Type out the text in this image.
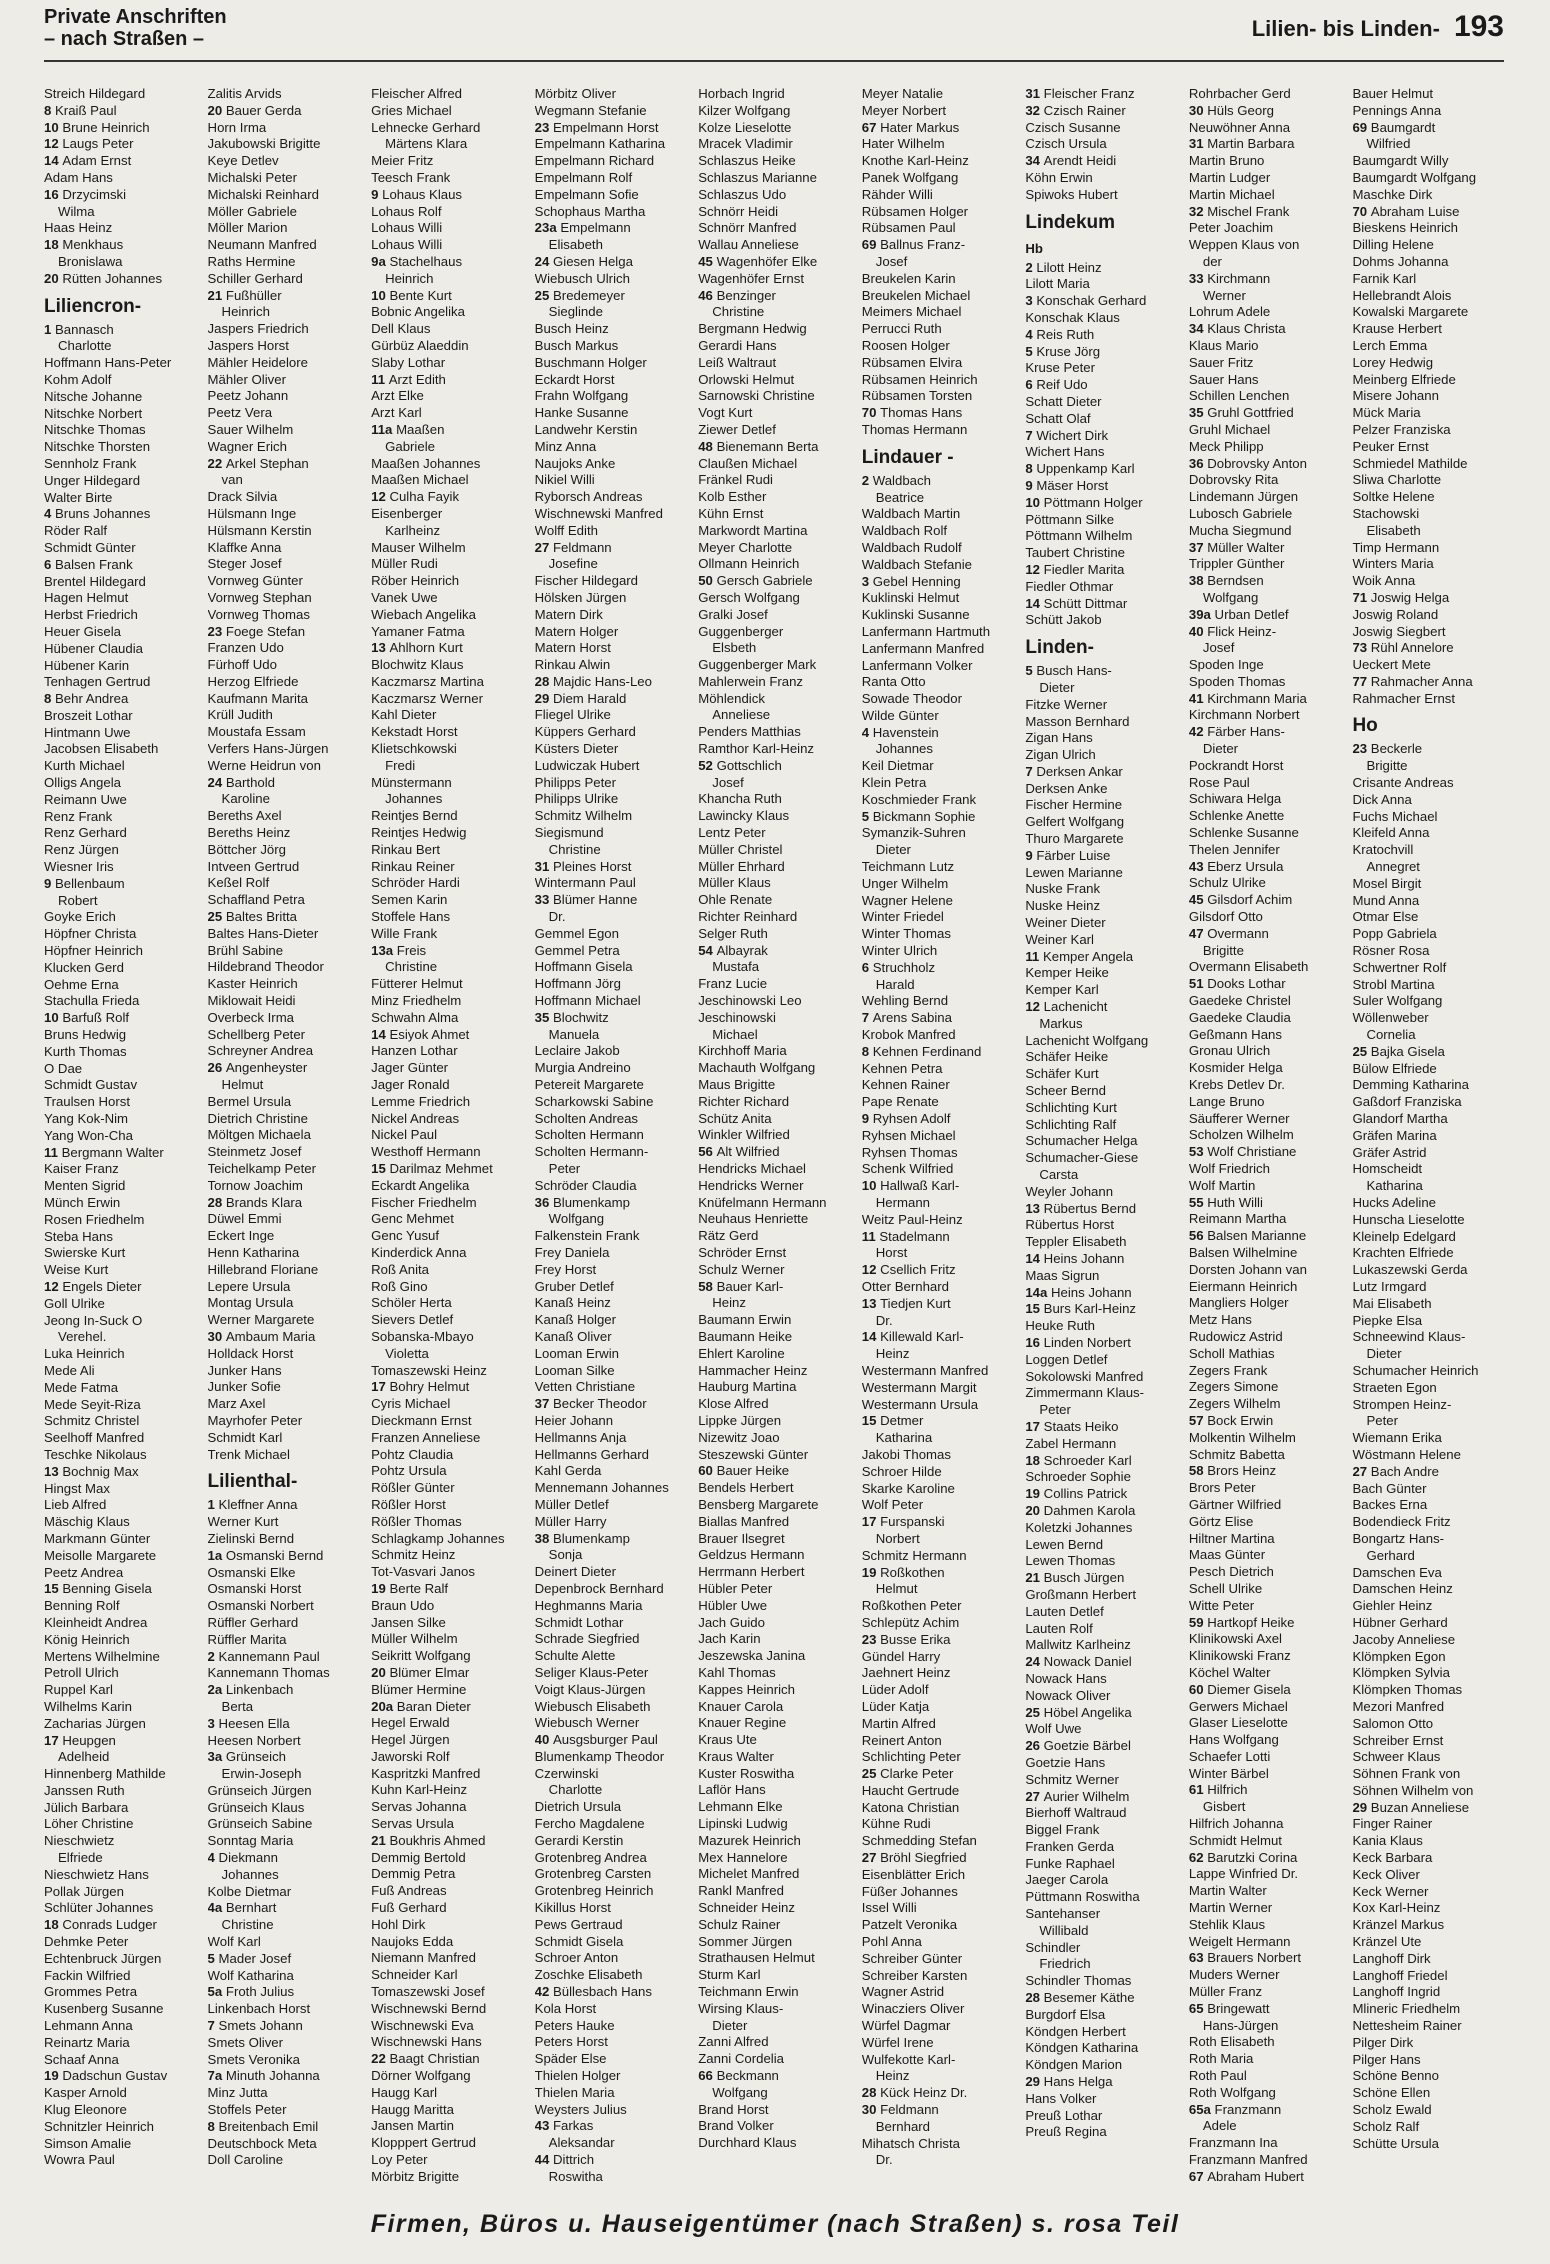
Private Anschriften
– nach Straßen –	Lilien- bis Linden- 193
Streich Hildegard
8 Kraiß Paul
10 Brune Heinrich
12 Laugs Peter
14 Adam Ernst
Adam Hans
16 Drzycimski
Wilma
Haas Heinz
18 Menkhaus
Bronislawa
20 Rütten Johannes
Liliencron-
1 Bannasch
Charlotte
Hoffmann Hans-Peter
Kohm Adolf
Nitsche Johanne
Nitschke Norbert
Nitschke Thomas
Nitschke Thorsten
Sennholz Frank
Unger Hildegard
Walter Birte
4 Bruns Johannes
Röder Ralf
Schmidt Günter
6 Balsen Frank
Brentel Hildegard
Hagen Helmut
Herbst Friedrich
Heuer Gisela
Hübener Claudia
Hübener Karin
Tenhagen Gertrud
8 Behr Andrea
Broszeit Lothar
Hintmann Uwe
Jacobsen Elisabeth
Kurth Michael
Olligs Angela
Reimann Uwe
Renz Frank
Renz Gerhard
Renz Jürgen
Wiesner Iris
9 Bellenbaum
Robert
Goyke Erich
Höpfner Christa
Höpfner Heinrich
Klucken Gerd
Oehme Erna
Stachulla Frieda
10 Barfuß Rolf
Bruns Hedwig
Kurth Thomas
O Dae
Schmidt Gustav
Traulsen Horst
Yang Kok-Nim
Yang Won-Cha
11 Bergmann Walter
Kaiser Franz
Menten Sigrid
Münch Erwin
Rosen Friedhelm
Steba Hans
Swierske Kurt
Weise Kurt
12 Engels Dieter
Goll Ulrike
Jeong In-Suck O
Verehel.
Luka Heinrich
Mede Ali
Mede Fatma
Mede Seyit-Riza
Schmitz Christel
Seelhoff Manfred
Teschke Nikolaus
13 Bochnig Max
Hingst Max
Lieb Alfred
Mäschig Klaus
Markmann Günter
Meisolle Margarete
Peetz Andrea
15 Benning Gisela
Benning Rolf
Kleinheidt Andrea
König Heinrich
Mertens Wilhelmine
Petroll Ulrich
Ruppel Karl
Wilhelms Karin
Zacharias Jürgen
17 Heupgen
Adelheid
Hinnenberg Mathilde
Janssen Ruth
Jülich Barbara
Löher Christine
Nieschwietz
Elfriede
Nieschwietz Hans
Pollak Jürgen
Schlüter Johannes
18 Conrads Ludger
Dehmke Peter
Echtenbruck Jürgen
Fackin Wilfried
Grommes Petra
Kusenberg Susanne
Lehmann Anna
Reinartz Maria
Schaaf Anna
19 Dadschun Gustav
Kasper Arnold
Klug Eleonore
Schnitzler Heinrich
Simson Amalie
Wowra Paul
Zalitis Arvids
20 Bauer Gerda
Horn Irma
Jakubowski Brigitte
Keye Detlev
Michalski Peter
Michalski Reinhard
Möller Gabriele
Möller Marion
Neumann Manfred
Raths Hermine
Schiller Gerhard
21 Fußhüller
Heinrich
Jaspers Friedrich
Jaspers Horst
Mähler Heidelore
Mähler Oliver
Peetz Johann
Peetz Vera
Sauer Wilhelm
Wagner Erich
22 Arkel Stephan
van
Drack Silvia
Hülsmann Inge
Hülsmann Kerstin
Klaffke Anna
Steger Josef
Vornweg Günter
Vornweg Stephan
Vornweg Thomas
23 Foege Stefan
Franzen Udo
Fürhoff Udo
Herzog Elfriede
Kaufmann Marita
Krüll Judith
Moustafa Essam
Verfers Hans-Jürgen
Werne Heidrun von
24 Barthold
Karoline
Bereths Axel
Bereths Heinz
Böttcher Jörg
Intveen Gertrud
Keßel Rolf
Schaffland Petra
25 Baltes Britta
Baltes Hans-Dieter
Brühl Sabine
Hildebrand Theodor
Kaster Heinrich
Miklowait Heidi
Overbeck Irma
Schellberg Peter
Schreyner Andrea
26 Angenheyster
Helmut
Bermel Ursula
Dietrich Christine
Möltgen Michaela
Steinmetz Josef
Teichelkamp Peter
Tornow Joachim
28 Brands Klara
Düwel Emmi
Eckert Inge
Henn Katharina
Hillebrand Floriane
Lepere Ursula
Montag Ursula
Werner Margarete
30 Ambaum Maria
Holldack Horst
Junker Hans
Junker Sofie
Marz Axel
Mayrhofer Peter
Schmidt Karl
Trenk Michael
Lilienthal-
1 Kleffner Anna
Werner Kurt
Zielinski Bernd
1a Osmanski Bernd
Osmanski Elke
Osmanski Horst
Osmanski Norbert
Rüffler Gerhard
Rüffler Marita
2 Kannemann Paul
Kannemann Thomas
2a Linkenbach
Berta
3 Heesen Ella
Heesen Norbert
3a Grünseich
Erwin-Joseph
Grünseich Jürgen
Grünseich Klaus
Grünseich Sabine
Sonntag Maria
4 Diekmann
Johannes
Kolbe Dietmar
4a Bernhart
Christine
Wolf Karl
5 Mader Josef
Wolf Katharina
5a Froth Julius
Linkenbach Horst
7 Smets Johann
Smets Oliver
Smets Veronika
7a Minuth Johanna
Minz Jutta
Stoffels Peter
8 Breitenbach Emil
Deutschbock Meta
Doll Caroline
Fleischer Alfred
Gries Michael
Lehnecke Gerhard
Märtens Klara
Meier Fritz
Teesch Frank
9 Lohaus Klaus
Lohaus Rolf
Lohaus Willi
Lohaus Willi
9a Stachelhaus
Heinrich
10 Bente Kurt
Bobnic Angelika
Dell Klaus
Gürbüz Alaeddin
Slaby Lothar
11 Arzt Edith
Arzt Elke
Arzt Karl
11a Maaßen
Gabriele
Maaßen Johannes
Maaßen Michael
12 Culha Fayik
Eisenberger
Karlheinz
Mauser Wilhelm
Müller Rudi
Röber Heinrich
Vanek Uwe
Wiebach Angelika
Yamaner Fatma
13 Ahlhorn Kurt
Blochwitz Klaus
Kaczmarsz Martina
Kaczmarsz Werner
Kahl Dieter
Kekstadt Horst
Klietschkowski
Fredi
Münstermann
Johannes
Reintjes Bernd
Reintjes Hedwig
Rinkau Bert
Rinkau Reiner
Schröder Hardi
Semen Karin
Stoffele Hans
Wille Frank
13a Freis
Christine
Fütterer Helmut
Minz Friedhelm
Schwahn Alma
14 Esiyok Ahmet
Hanzen Lothar
Jager Günter
Jager Ronald
Lemme Friedrich
Nickel Andreas
Nickel Paul
Westhoff Hermann
15 Darilmaz Mehmet
Eckardt Angelika
Fischer Friedhelm
Genc Mehmet
Genc Yusuf
Kinderdick Anna
Roß Anita
Roß Gino
Schöler Herta
Sievers Detlef
Sobanska-Mbayo
Violetta
Tomaszewski Heinz
17 Bohry Helmut
Cyris Michael
Dieckmann Ernst
Franzen Anneliese
Pohtz Claudia
Pohtz Ursula
Rößler Günter
Rößler Horst
Rößler Thomas
Schlagkamp Johannes
Schmitz Heinz
Tot-Vasvari Janos
19 Berte Ralf
Braun Udo
Jansen Silke
Müller Wilhelm
Seikritt Wolfgang
20 Blümer Elmar
Blümer Hermine
20a Baran Dieter
Hegel Erwald
Hegel Jürgen
Jaworski Rolf
Kaspritzki Manfred
Kuhn Karl-Heinz
Servas Johanna
Servas Ursula
21 Boukhris Ahmed
Demmig Bertold
Demmig Petra
Fuß Andreas
Fuß Gerhard
Hohl Dirk
Naujoks Edda
Niemann Manfred
Schneider Karl
Tomaszewski Josef
Wischnewski Bernd
Wischnewski Eva
Wischnewski Hans
22 Baagt Christian
Dörner Wolfgang
Haugg Karl
Haugg Maritta
Jansen Martin
Klopppert Gertrud
Loy Peter
Mörbitz Brigitte
Mörbitz Oliver
Wegmann Stefanie
23 Empelmann Horst
Empelmann Katharina
Empelmann Richard
Empelmann Rolf
Empelmann Sofie
Schophaus Martha
23a Empelmann
Elisabeth
24 Giesen Helga
Wiebusch Ulrich
25 Bredemeyer
Sieglinde
Busch Heinz
Busch Markus
Buschmann Holger
Eckardt Horst
Frahn Wolfgang
Hanke Susanne
Landwehr Kerstin
Minz Anna
Naujoks Anke
Nikiel Willi
Ryborsch Andreas
Wischnewski Manfred
Wolff Edith
27 Feldmann
Josefine
Fischer Hildegard
Hölsken Jürgen
Matern Dirk
Matern Holger
Matern Horst
Rinkau Alwin
28 Majdic Hans-Leo
29 Diem Harald
Fliegel Ulrike
Küppers Gerhard
Küsters Dieter
Ludwiczak Hubert
Philipps Peter
Philipps Ulrike
Schmitz Wilhelm
Siegismund
Christine
31 Pleines Horst
Wintermann Paul
33 Blümer Hanne
Dr.
Gemmel Egon
Gemmel Petra
Hoffmann Gisela
Hoffmann Jörg
Hoffmann Michael
35 Blochwitz
Manuela
Leclaire Jakob
Murgia Andreino
Petereit Margarete
Scharkowski Sabine
Scholten Andreas
Scholten Hermann
Scholten Hermann-
Peter
Schröder Claudia
36 Blumenkamp
Wolfgang
Falkenstein Frank
Frey Daniela
Frey Horst
Gruber Detlef
Kanaß Heinz
Kanaß Holger
Kanaß Oliver
Looman Erwin
Looman Silke
Vetten Christiane
37 Becker Theodor
Heier Johann
Hellmanns Anja
Hellmanns Gerhard
Kahl Gerda
Mennemann Johannes
Müller Detlef
Müller Harry
38 Blumenkamp
Sonja
Deinert Dieter
Depenbrock Bernhard
Heghmanns Maria
Schmidt Lothar
Schrade Siegfried
Schulte Alette
Seliger Klaus-Peter
Voigt Klaus-Jürgen
Wiebusch Elisabeth
Wiebusch Werner
40 Ausgsburger Paul
Blumenkamp Theodor
Czerwinski
Charlotte
Dietrich Ursula
Fercho Magdalene
Gerardi Kerstin
Grotenbreg Andrea
Grotenbreg Carsten
Grotenbreg Heinrich
Kikillus Horst
Pews Gertraud
Schmidt Gisela
Schroer Anton
Zoschke Elisabeth
42 Büllesbach Hans
Kola Horst
Peters Hauke
Peters Horst
Späder Else
Thielen Holger
Thielen Maria
Weysters Julius
43 Farkas
Aleksandar
44 Dittrich
Roswitha
Horbach Ingrid
Kilzer Wolfgang
Kolze Lieselotte
Mracek Vladimir
Schlaszus Heike
Schlaszus Marianne
Schlaszus Udo
Schnörr Heidi
Schnörr Manfred
Wallau Anneliese
45 Wagenhöfer Elke
Wagenhöfer Ernst
46 Benzinger
Christine
Bergmann Hedwig
Gerardi Hans
Leiß Waltraut
Orlowski Helmut
Sarnowski Christine
Vogt Kurt
Ziewer Detlef
48 Bienemann Berta
Claußen Michael
Fränkel Rudi
Kolb Esther
Kühn Ernst
Markwordt Martina
Meyer Charlotte
Ollmann Heinrich
50 Gersch Gabriele
Gersch Wolfgang
Gralki Josef
Guggenberger
Elsbeth
Guggenberger Mark
Mahlerwein Franz
Möhlendick
Anneliese
Penders Matthias
Ramthor Karl-Heinz
52 Gottschlich
Josef
Khancha Ruth
Lawincky Klaus
Lentz Peter
Müller Christel
Müller Ehrhard
Müller Klaus
Ohle Renate
Richter Reinhard
Selger Ruth
54 Albayrak
Mustafa
Franz Lucie
Jeschinowski Leo
Jeschinowski
Michael
Kirchhoff Maria
Machauth Wolfgang
Maus Brigitte
Richter Richard
Schütz Anita
Winkler Wilfried
56 Alt Wilfried
Hendricks Michael
Hendricks Werner
Knüfelmann Hermann
Neuhaus Henriette
Rätz Gerd
Schröder Ernst
Schulz Werner
58 Bauer Karl-
Heinz
Baumann Erwin
Baumann Heike
Ehlert Karoline
Hammacher Heinz
Hauburg Martina
Klose Alfred
Lippke Jürgen
Nizewitz Joao
Steszewski Günter
60 Bauer Heike
Bendels Herbert
Bensberg Margarete
Biallas Manfred
Brauer Ilsegret
Geldzus Hermann
Herrmann Herbert
Hübler Peter
Hübler Uwe
Jach Guido
Jach Karin
Jeszewska Janina
Kahl Thomas
Kappes Heinrich
Knauer Carola
Knauer Regine
Kraus Ute
Kraus Walter
Kuster Roswitha
Laflör Hans
Lehmann Elke
Lipinski Ludwig
Mazurek Heinrich
Mex Hannelore
Michelet Manfred
Rankl Manfred
Schneider Heinz
Schulz Rainer
Sommer Jürgen
Strathausen Helmut
Sturm Karl
Teichmann Erwin
Wirsing Klaus-
Dieter
Zanni Alfred
Zanni Cordelia
66 Beckmann
Wolfgang
Brand Horst
Brand Volker
Durchhard Klaus
Meyer Natalie
Meyer Norbert
67 Hater Markus
Hater Wilhelm
Knothe Karl-Heinz
Panek Wolfgang
Rähder Willi
Rübsamen Holger
Rübsamen Paul
69 Ballnus Franz-
Josef
Breukelen Karin
Breukelen Michael
Meimers Michael
Perrucci Ruth
Roosen Holger
Rübsamen Elvira
Rübsamen Heinrich
Rübsamen Torsten
70 Thomas Hans
Thomas Hermann
Lindauer -
2 Waldbach
Beatrice
Waldbach Martin
Waldbach Rolf
Waldbach Rudolf
Waldbach Stefanie
3 Gebel Henning
Kuklinski Helmut
Kuklinski Susanne
Lanfermann Hartmuth
Lanfermann Manfred
Lanfermann Volker
Ranta Otto
Sowade Theodor
Wilde Günter
4 Havenstein
Johannes
Keil Dietmar
Klein Petra
Koschmieder Frank
5 Bickmann Sophie
Symanzik-Suhren
Dieter
Teichmann Lutz
Unger Wilhelm
Wagner Helene
Winter Friedel
Winter Thomas
Winter Ulrich
6 Struchholz
Harald
Wehling Bernd
7 Arens Sabina
Krobok Manfred
8 Kehnen Ferdinand
Kehnen Petra
Kehnen Rainer
Pape Renate
9 Ryhsen Adolf
Ryhsen Michael
Ryhsen Thomas
Schenk Wilfried
10 Hallwaß Karl-
Hermann
Weitz Paul-Heinz
11 Stadelmann
Horst
12 Csellich Fritz
Otter Bernhard
13 Tiedjen Kurt
Dr.
14 Killewald Karl-
Heinz
Westermann Manfred
Westermann Margit
Westermann Ursula
15 Detmer
Katharina
Jakobi Thomas
Schroer Hilde
Skarke Karoline
Wolf Peter
17 Furspanski
Norbert
Schmitz Hermann
19 Roßkothen
Helmut
Roßkothen Peter
Schlepütz Achim
23 Busse Erika
Gündel Harry
Jaehnert Heinz
Lüder Adolf
Lüder Katja
Martin Alfred
Reinert Anton
Schlichting Peter
25 Clarke Peter
Haucht Gertrude
Katona Christian
Kühne Rudi
Schmedding Stefan
27 Bröhl Siegfried
Eisenblätter Erich
Füßer Johannes
Issel Willi
Patzelt Veronika
Pohl Anna
Schreiber Günter
Schreiber Karsten
Wagner Astrid
Winacziers Oliver
Würfel Dagmar
Würfel Irene
Wulfekotte Karl-
Heinz
28 Kück Heinz Dr.
30 Feldmann
Bernhard
Mihatsch Christa
Dr.
31 Fleischer Franz
32 Czisch Rainer
Czisch Susanne
Czisch Ursula
34 Arendt Heidi
Köhn Erwin
Spiwoks Hubert
Lindekum
Hb
2 Lilott Heinz
Lilott Maria
3 Konschak Gerhard
Konschak Klaus
4 Reis Ruth
5 Kruse Jörg
Kruse Peter
6 Reif Udo
Schatt Dieter
Schatt Olaf
7 Wichert Dirk
Wichert Hans
8 Uppenkamp Karl
9 Mäser Horst
10 Pöttmann Holger
Pöttmann Silke
Pöttmann Wilhelm
Taubert Christine
12 Fiedler Marita
Fiedler Othmar
14 Schütt Dittmar
Schütt Jakob
Linden-
5 Busch Hans-
Dieter
Fitzke Werner
Masson Bernhard
Zigan Hans
Zigan Ulrich
7 Derksen Ankar
Derksen Anke
Fischer Hermine
Gelfert Wolfgang
Thuro Margarete
9 Färber Luise
Lewen Marianne
Nuske Frank
Nuske Heinz
Weiner Dieter
Weiner Karl
11 Kemper Angela
Kemper Heike
Kemper Karl
12 Lachenicht
Markus
Lachenicht Wolfgang
Schäfer Heike
Schäfer Kurt
Scheer Bernd
Schlichting Kurt
Schlichting Ralf
Schumacher Helga
Schumacher-Giese
Carsta
Weyler Johann
13 Rübertus Bernd
Rübertus Horst
Teppler Elisabeth
14 Heins Johann
Maas Sigrun
14a Heins Johann
15 Burs Karl-Heinz
Heuke Ruth
16 Linden Norbert
Loggen Detlef
Sokolowski Manfred
Zimmermann Klaus-
Peter
17 Staats Heiko
Zabel Hermann
18 Schroeder Karl
Schroeder Sophie
19 Collins Patrick
20 Dahmen Karola
Koletzki Johannes
Lewen Bernd
Lewen Thomas
21 Busch Jürgen
Großmann Herbert
Lauten Detlef
Lauten Rolf
Mallwitz Karlheinz
24 Nowack Daniel
Nowack Hans
Nowack Oliver
25 Höbel Angelika
Wolf Uwe
26 Goetzie Bärbel
Goetzie Hans
Schmitz Werner
27 Aurier Wilhelm
Bierhoff Waltraud
Biggel Frank
Franken Gerda
Funke Raphael
Jaeger Carola
Püttmann Roswitha
Santehanser
Willibald
Schindler
Friedrich
Schindler Thomas
28 Besemer Käthe
Burgdorf Elsa
Köndgen Herbert
Köndgen Katharina
Köndgen Marion
29 Hans Helga
Hans Volker
Preuß Lothar
Preuß Regina
Rohrbacher Gerd
30 Hüls Georg
Neuwöhner Anna
31 Martin Barbara
Martin Bruno
Martin Ludger
Martin Michael
32 Mischel Frank
Peter Joachim
Weppen Klaus von
der
33 Kirchmann
Werner
Lohrum Adele
34 Klaus Christa
Klaus Mario
Sauer Fritz
Sauer Hans
Schillen Lenchen
35 Gruhl Gottfried
Gruhl Michael
Meck Philipp
36 Dobrovsky Anton
Dobrovsky Rita
Lindemann Jürgen
Lubosch Gabriele
Mucha Siegmund
37 Müller Walter
Trippler Günther
38 Berndsen
Wolfgang
39a Urban Detlef
40 Flick Heinz-
Josef
Spoden Inge
Spoden Thomas
41 Kirchmann Maria
Kirchmann Norbert
42 Färber Hans-
Dieter
Pockrandt Horst
Rose Paul
Schiwara Helga
Schlenke Anette
Schlenke Susanne
Thelen Jennifer
43 Eberz Ursula
Schulz Ulrike
45 Gilsdorf Achim
Gilsdorf Otto
47 Overmann
Brigitte
Overmann Elisabeth
51 Dooks Lothar
Gaedeke Christel
Gaedeke Claudia
Geßmann Hans
Gronau Ulrich
Kosmider Helga
Krebs Detlev Dr.
Lange Bruno
Säufferer Werner
Scholzen Wilhelm
53 Wolf Christiane
Wolf Friedrich
Wolf Martin
55 Huth Willi
Reimann Martha
56 Balsen Marianne
Balsen Wilhelmine
Dorsten Johann van
Eiermann Heinrich
Mangliers Holger
Metz Hans
Rudowicz Astrid
Scholl Mathias
Zegers Frank
Zegers Simone
Zegers Wilhelm
57 Bock Erwin
Molkentin Wilhelm
Schmitz Babetta
58 Brors Heinz
Brors Peter
Gärtner Wilfried
Görtz Elise
Hiltner Martina
Maas Günter
Pesch Dietrich
Schell Ulrike
Witte Peter
59 Hartkopf Heike
Klinikowski Axel
Klinikowski Franz
Köchel Walter
60 Diemer Gisela
Gerwers Michael
Glaser Lieselotte
Hans Wolfgang
Schaefer Lotti
Winter Bärbel
61 Hilfrich
Gisbert
Hilfrich Johanna
Schmidt Helmut
62 Barutzki Corina
Lappe Winfried Dr.
Martin Walter
Martin Werner
Stehlik Klaus
Weigelt Hermann
63 Brauers Norbert
Muders Werner
Müller Franz
65 Bringewatt
Hans-Jürgen
Roth Elisabeth
Roth Maria
Roth Paul
Roth Wolfgang
65a Franzmann
Adele
Franzmann Ina
Franzmann Manfred
67 Abraham Hubert
Bauer Helmut
Pennings Anna
69 Baumgardt
Wilfried
Baumgardt Willy
Baumgardt Wolfgang
Maschke Dirk
70 Abraham Luise
Bieskens Heinrich
Dilling Helene
Dohms Johanna
Farnik Karl
Hellebrandt Alois
Kowalski Margarete
Krause Herbert
Lerch Emma
Lorey Hedwig
Meinberg Elfriede
Misere Johann
Mück Maria
Pelzer Franziska
Peuker Ernst
Schmiedel Mathilde
Sliwa Charlotte
Soltke Helene
Stachowski
Elisabeth
Timp Hermann
Winters Maria
Woik Anna
71 Joswig Helga
Joswig Roland
Joswig Siegbert
73 Rühl Annelore
Ueckert Mete
77 Rahmacher Anna
Rahmacher Ernst
Ho
23 Beckerle
Brigitte
Crisante Andreas
Dick Anna
Fuchs Michael
Kleifeld Anna
Kratochvill
Annegret
Mosel Birgit
Mund Anna
Otmar Else
Popp Gabriela
Rösner Rosa
Schwertner Rolf
Strobl Martina
Suler Wolfgang
Wöllenweber
Cornelia
25 Bajka Gisela
Bülow Elfriede
Demming Katharina
Gaßdorf Franziska
Glandorf Martha
Gräfen Marina
Gräfer Astrid
Homscheidt
Katharina
Hucks Adeline
Hunscha Lieselotte
Kleinelp Edelgard
Krachten Elfriede
Lukaszewski Gerda
Lutz Irmgard
Mai Elisabeth
Piepke Elsa
Schneewind Klaus-
Dieter
Schumacher Heinrich
Straeten Egon
Strompen Heinz-
Peter
Wiemann Erika
Wöstmann Helene
27 Bach Andre
Bach Günter
Backes Erna
Bodendieck Fritz
Bongartz Hans-
Gerhard
Damschen Eva
Damschen Heinz
Giehler Heinz
Hübner Gerhard
Jacoby Anneliese
Klömpken Egon
Klömpken Sylvia
Klömpken Thomas
Mezori Manfred
Salomon Otto
Schreiber Ernst
Schweer Klaus
Söhnen Frank von
Söhnen Wilhelm von
29 Buzan Anneliese
Finger Rainer
Kania Klaus
Keck Barbara
Keck Oliver
Keck Werner
Kox Karl-Heinz
Kränzel Markus
Kränzel Ute
Langhoff Dirk
Langhoff Friedel
Langhoff Ingrid
Mlineric Friedhelm
Nettesheim Rainer
Pilger Dirk
Pilger Hans
Schöne Benno
Schöne Ellen
Scholz Ewald
Scholz Ralf
Schütte Ursula
Firmen, Büros u. Hauseigentümer (nach Straßen) s. rosa Teil
